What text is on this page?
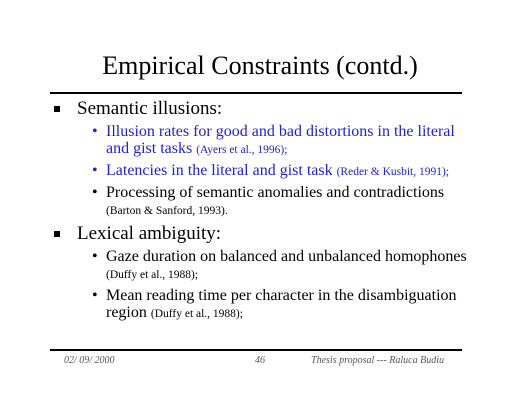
Empirical Constraints (contd.)
Semantic illusions:
• Illusion rates for good and bad distortions in the literal and gist tasks (Ayers et al., 1996);
• Latencies in the literal and gist task (Reder & Kusbit, 1991);
• Processing of semantic anomalies and contradictions (Barton & Sanford, 1993).
Lexical ambiguity:
• Gaze duration on balanced and unbalanced homophones (Duffy et al., 1988);
• Mean reading time per character in the disambiguation region (Duffy et al., 1988);
02/ 09/ 2000	46	Thesis proposal --- Raluca Budiu
